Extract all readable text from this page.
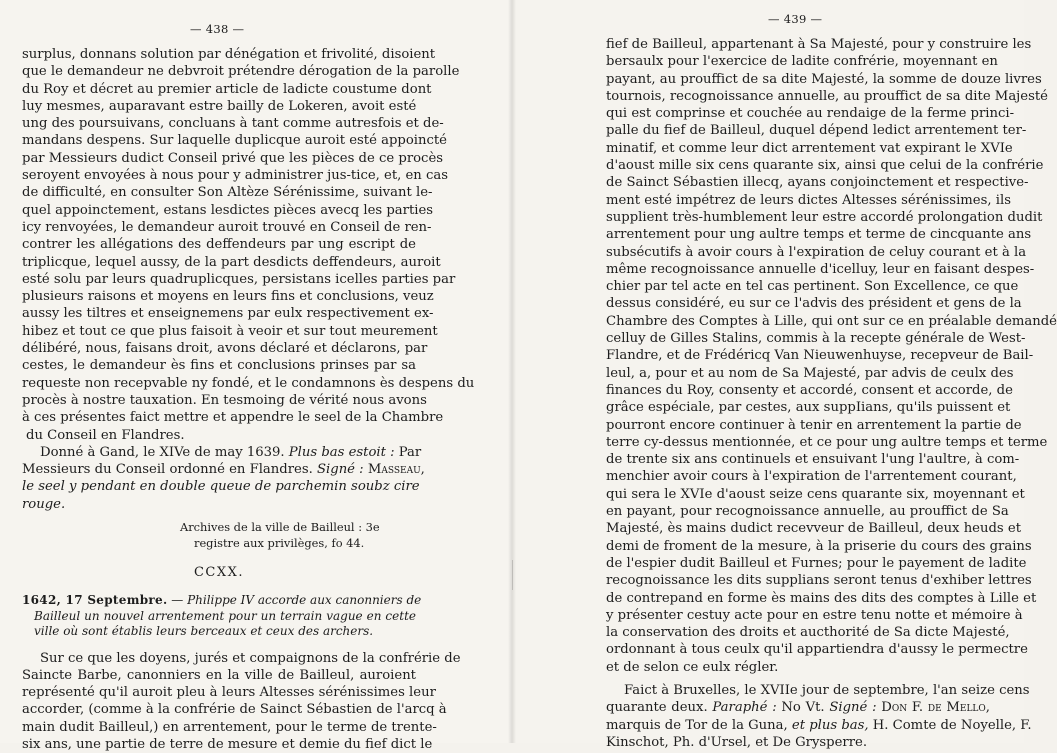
— 438 —
surplus, donnans solution par dénégation et frivolité, disoient
que le demandeur ne debvroit prétendre dérogation de la parolle
du Roy et décret au premier article de ladicte coustume dont
luy mesmes, auparavant estre bailly de Lokeren, avoit esté
ung des poursuivans, concluans à tant comme autresfois et de-
mandans despens. Sur laquelle duplicque auroit esté appoincté
par Messieurs dudict Conseil privé que les pièces de ce procès
seroyent envoyées à nous pour y administrer jus-tice, et, en cas
de difficulté, en consulter Son Altèze Sérénissime, suivant le-
quel appoinctement, estans lesdictes pièces avecq les parties
icy renvoyées, le demandeur auroit trouvé en Conseil de ren-
contrer les allégations des deffendeurs par ung escript de
triplicque, lequel aussy, de la part desdicts deffendeurs, auroit
esté solu par leurs quadruplicques, persistans icelles parties par
plusieurs raisons et moyens en leurs fins et conclusions, veuz
aussy les tiltres et enseignemens par eulx respectivement ex-
hibez et tout ce que plus faisoit à veoir et sur tout meurement
délibéré, nous, faisans droit, avons déclaré et déclarons, par
cestes, le demandeur ès fins et conclusions prinses par sa
requeste non recepvable ny fondé, et le condamnons ès despens du
procès à nostre tauxation. En tesmoing de vérité nous avons
à ces présentes faict mettre et appendre le seel de la Chambre
du Conseil en Flandres.
Donné à Gand, le XIVe de may 1639. Plus bas estoit : Par
Messieurs du Conseil ordonné en Flandres. Signé : Masseau,
le seel y pendant en double queue de parchemin soubz cire
rouge.
Archives de la ville de Bailleul : 3e
registre aux privilèges, fo 44.
CCXX.
1642, 17 Septembre. — Philippe IV accorde aux canonniers de
Bailleul un nouvel arrentement pour un terrain vague en cette
ville où sont établis leurs berceaux et ceux des archers.
Sur ce que les doyens, jurés et compaignons de la confrérie de
Saincte Barbe, canonniers en la ville de Bailleul, auroient
représenté qu'il auroit pleu à leurs Altesses sérénissimes leur
accorder, (comme à la confrérie de Sainct Sébastien de l'arcq à
main dudit Bailleul,) en arrentement, pour le terme de trente-
six ans, une partie de terre de mesure et demie du fief dict le
— 439 —
fief de Bailleul, appartenant à Sa Majesté, pour y construire les
bersaulx pour l'exercice de ladite confrérie, moyennant en
payant, au prouffict de sa dite Majesté, la somme de douze livres
tournois, recognoissance annuelle, au prouffict de sa dite Majesté
qui est comprinse et couchée au rendaige de la ferme princi-
palle du fief de Bailleul, duquel dépend ledict arrentement ter-
minatif, et comme leur dict arrentement vat expirant le XVIe
d'aoust mille six cens quarante six, ainsi que celui de la confrérie
de Sainct Sébastien illecq, ayans conjoinctement et respective-
ment esté impétrez de leurs dictes Altesses sérénissimes, ils
supplient très-humblement leur estre accordé prolongation dudit
arrentement pour ung aultre temps et terme de cincquante ans
subsécutifs à avoir cours à l'expiration de celuy courant et à la
même recognoissance annuelle d'icelluy, leur en faisant despes-
chier par tel acte en tel cas pertinent. Son Excellence, ce que
dessus considéré, eu sur ce l'advis des président et gens de la
Chambre des Comptes à Lille, qui ont sur ce en préalable demandé
celluy de Gilles Stalins, commis à la recepte générale de West-
Flandre, et de Frédéricq Van Nieuwenhuyse, recepveur de Bail-
leul, a, pour et au nom de Sa Majesté, par advis de ceulx des
finances du Roy, consenty et accordé, consent et accorde, de
grâce espéciale, par cestes, aux suppIians, qu'ils puissent et
pourront encore continuer à tenir en arrentement la partie de
terre cy-dessus mentionnée, et ce pour ung aultre temps et terme
de trente six ans continuels et ensuivant l'ung l'aultre, à com-
menchier avoir cours à l'expiration de l'arrentement courant,
qui sera le XVIe d'aoust seize cens quarante six, moyennant et
en payant, pour recognoissance annuelle, au prouffict de Sa
Majesté, ès mains dudict recevveur de Bailleul, deux heuds et
demi de froment de la mesure, à la priserie du cours des grains
de l'espier dudit Bailleul et Furnes; pour le payement de ladite
recognoissance les dits supplians seront tenus d'exhiber lettres
de contrepand en forme ès mains des dits des comptes à Lille et
y présenter cestuy acte pour en estre tenu notte et mémoire à
la conservation des droits et aucthorité de Sa dicte Majesté,
ordonnant à tous ceulx qu'il appartiendra d'aussy le permectre
et de selon ce eulx régler.
Faict à Bruxelles, le XVIIe jour de septembre, l'an seize cens
quarante deux. Paraphé : No Vt. Signé : Don F. de Mello,
marquis de Tor de la Guna, et plus bas, H. Comte de Noyelle, F.
Kinschot, Ph. d'Ursel, et De Grysperre.
